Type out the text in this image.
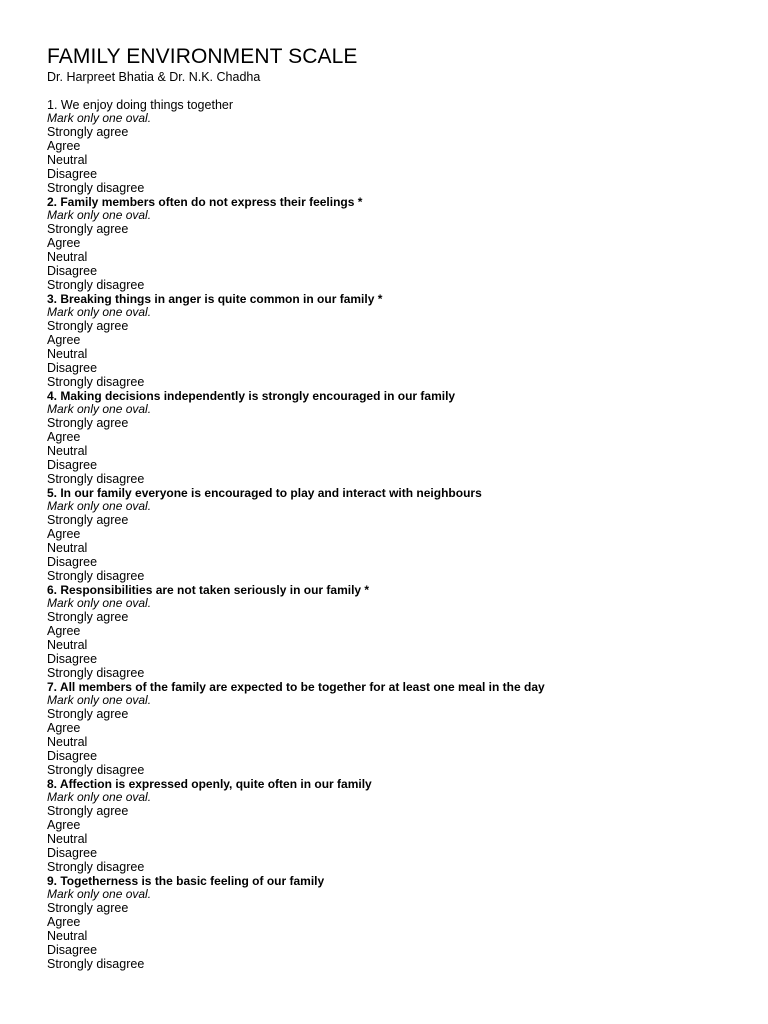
FAMILY ENVIRONMENT SCALE
Dr. Harpreet Bhatia & Dr. N.K. Chadha
1. We enjoy doing things together
Mark only one oval.
Strongly agree
Agree
Neutral
Disagree
Strongly disagree
2. Family members often do not express their feelings *
Mark only one oval.
Strongly agree
Agree
Neutral
Disagree
Strongly disagree
3. Breaking things in anger is quite common in our family *
Mark only one oval.
Strongly agree
Agree
Neutral
Disagree
Strongly disagree
4. Making decisions independently is strongly encouraged in our family
Mark only one oval.
Strongly agree
Agree
Neutral
Disagree
Strongly disagree
5. In our family everyone is encouraged to play and interact with neighbours
Mark only one oval.
Strongly agree
Agree
Neutral
Disagree
Strongly disagree
6. Responsibilities are not taken seriously in our family *
Mark only one oval.
Strongly agree
Agree
Neutral
Disagree
Strongly disagree
7. All members of the family are expected to be together for at least one meal in the day
Mark only one oval.
Strongly agree
Agree
Neutral
Disagree
Strongly disagree
8. Affection is expressed openly, quite often in our family
Mark only one oval.
Strongly agree
Agree
Neutral
Disagree
Strongly disagree
9. Togetherness is the basic feeling of our family
Mark only one oval.
Strongly agree
Agree
Neutral
Disagree
Strongly disagree
